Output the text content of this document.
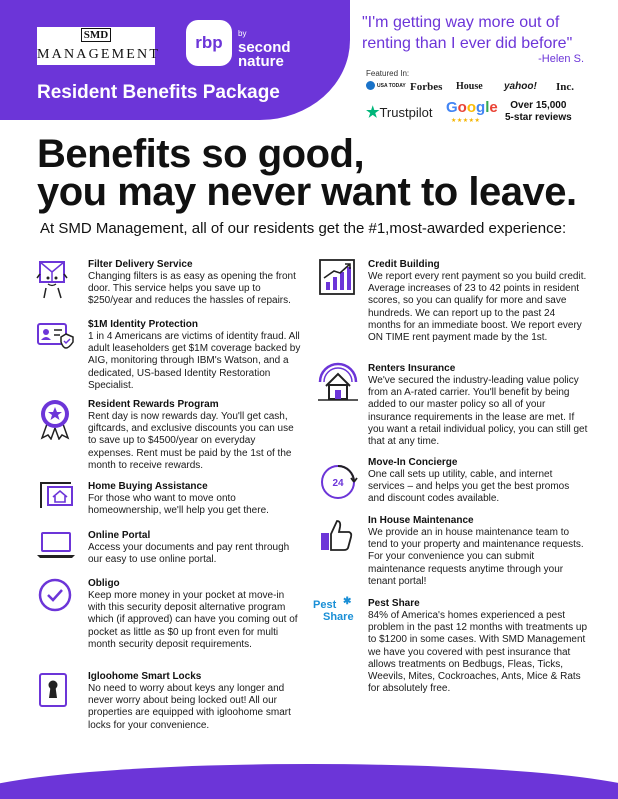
SMD
MANAGEMENT
rbp	by
second
nature
Resident Benefits Package
"I'm getting way more out of renting than I ever did before"
-Helen S.
Featured In:
USA TODAY Forbes House yahoo! Inc.
★Trustpilot Google
★★★★★
Over 15,000
5-star reviews
Benefits so good,
you may never want to leave.
At SMD Management, all of our residents get the #1,most-awarded experience:
Filter Delivery Service
Changing filters is as easy as opening the front door. This service helps you save up to $250/year and reduces the hassles of repairs.
$1M Identity Protection
1 in 4 Americans are victims of identity fraud. All adult leaseholders get $1M coverage backed by AIG, monitoring through IBM's Watson, and a dedicated, US-based Identity Restoration Specialist.
Resident Rewards Program
Rent day is now rewards day. You'll get cash, giftcards, and exclusive discounts you can use to save up to $4500/year on everyday expenses. Rent must be paid by the 1st of the month to receive rewards.
Home Buying Assistance
For those who want to move onto homeownership, we'll help you get there.
Online Portal
Access your documents and pay rent through our easy to use online portal.
Obligo
Keep more money in your pocket at move-in with this security deposit alternative program which (if approved) can have you coming out of pocket as little as $0 up front even for multi month security deposit requirements.
Igloohome Smart Locks
No need to worry about keys any longer and never worry about being locked out! All our properties are equipped with igloohome smart locks for your convenience.
Credit Building
We report every rent payment so you build credit. Average increases of 23 to 42 points in resident scores, so you can qualify for more and save hundreds. We can report up to the past 24 months for an immediate boost. We report every ON TIME rent payment made by the 1st.
Renters Insurance
We've secured the industry-leading value policy from an A-rated carrier. You'll benefit by being added to our master policy so all of your insurance requirements in the lease are met. If you want a retail individual policy, you can still get that at any time.
24
Move-In Concierge
One call sets up utility, cable, and internet services – and helps you get the best promos and discount codes available.
In House Maintenance
We provide an in house maintenance team to tend to your property and maintenance requests. For your convenience you can submit maintenance requests anytime through your tenant portal!
Pest
Share
✱ Pest Share
84% of America's homes experienced a pest problem in the past 12 months with treatments up to $1200 in some cases. With SMD Management we have you covered with pest insurance that allows treatments on Bedbugs, Fleas, Ticks, Weevils, Mites, Cockroaches, Ants, Mice & Rats for absolutely free.
